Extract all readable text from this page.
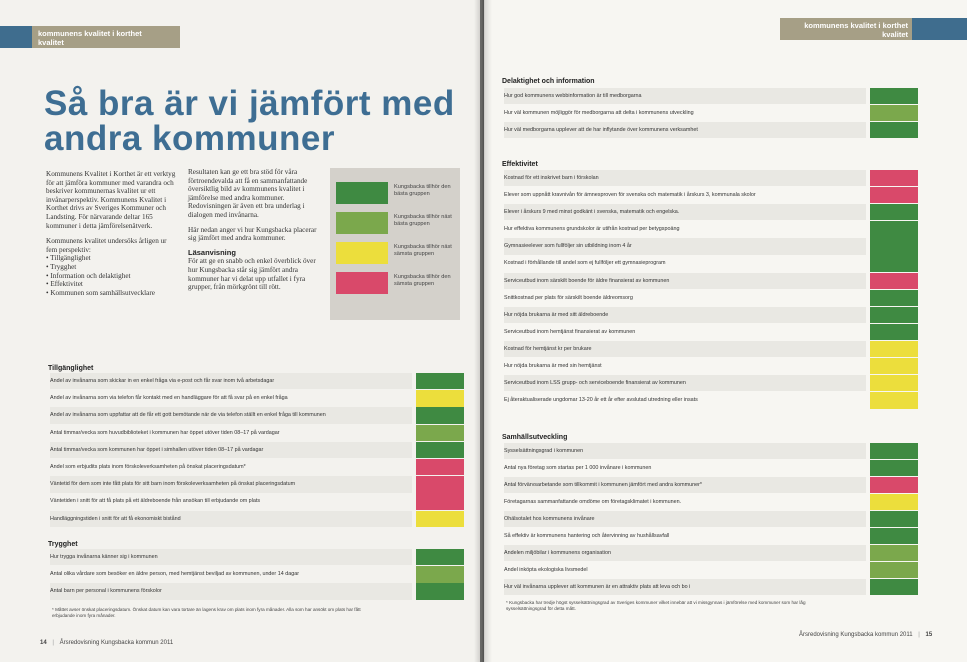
kommunens kvalitet i korthet
kvalitet
Så bra är vi jämfört med andra kommuner
Kommunens Kvalitet i Korthet är ett verktyg för att jämföra kommuner med varandra och beskriver kommunernas kvalitet ur ett invånarperspektiv. Kommunens Kvalitet i Korthet drivs av Sveriges Kommuner och Landsting. För närvarande deltar 165 kommuner i detta jämförelsenätverk.
Kommunens kvalitet undersöks årligen ur fem perspektiv:
• Tillgänglighet
• Trygghet
• Information och delaktighet
• Effektivitet
• Kommunen som samhällsutvecklare
Resultaten kan ge ett bra stöd för våra förtroendevalda att få en sammanfattande översiktlig bild av kommunens kvalitet i jämförelse med andra kommuner. Redovisningen är även ett bra underlag i dialogen med invånarna.
Här nedan anger vi hur Kungsbacka placerar sig jämfört med andra kommuner.
Läsanvisning
För att ge en snabb och enkel överblick över hur Kungsbacka står sig jämfört andra kommuner har vi delat upp utfallet i fyra grupper, från mörkgrönt till rött.
Kungsbacka tillhör den bästa gruppen
Kungsbacka tillhör näst bästa gruppen
Kungsbacka tillhör näst sämsta gruppen
Kungsbacka tillhör den sämsta gruppen
Tillgänglighet
Andel av invånarna som skickar in en enkel fråga via e-post och får svar inom två arbetsdagar
Andel av invånarna som via telefon får kontakt med en handläggare för att få svar på en enkel fråga
Andel av invånarna som uppfattar att de får ett gott bemötande när de via telefon ställt en enkel fråga till kommunen
Antal timmar/vecka som huvudbiblioteket i kommunen har öppet utöver tiden 08–17 på vardagar
Antal timmar/vecka som kommunen har öppet i simhallen utöver tiden 08–17 på vardagar
Andel som erbjudits plats inom förskoleverksamheten på önskat placeringsdatum*
Väntetid för dem som inte fått plats för sitt barn inom förskoleverksamheten på önskat placeringsdatum
Väntetiden i snitt för att få plats på ett äldreboende från ansökan till erbjudande om plats
Handläggningstiden i snitt för att få ekonomiskt bistånd
Trygghet
Hur trygga invånarna känner sig i kommunen
Antal olika vårdare som besöker en äldre person, med hemtjänst beviljad av kommunen, under 14 dagar
Antal barn per personal i kommunens förskolor
* Måttet avser önskat placeringsdatum. Önskat datum kan vara tortare än lagens krav om plats inom fyra månader. Alla som har ansökt om plats har fått erbjudande inom fyra månader.
14 | Årsredovisning Kungsbacka kommun 2011
kommunens kvalitet i korthet
kvalitet
Delaktighet och information
Hur god kommunens webbinformation är till medborgarna
Hur väl kommunen möjliggör för medborgarna att delta i kommunens utveckling
Hur väl medborgarna upplever att de har inflytande över kommunens verksamhet
Effektivitet
Kostnad för ett inskrivet barn i förskolan
Elever som uppnått kravnivån för ämnesproven för svenska och matematik i årskurs 3, kommunala skolor
Elever i årskurs 9 med minst godkänt i svenska, matematik och engelska.
Hur effektiva kommunens grundskolor är utifrån kostnad per betygspoäng
Gymnasieelever som fullföljer sin utbildning inom 4 år
Kostnad i förhållande till andel som ej fullföljer ett gymnasieprogram
Serviceutbud inom särskilt boende för äldre finansierat av kommunen
Snittkostnad per plats för särskilt boende äldreomsorg
Hur nöjda brukarna är med sitt äldreboende
Serviceutbud inom hemtjänst finansierat av kommunen
Kostnad för hemtjänst kr per brukare
Hur nöjda brukarna är med sin hemtjänst
Serviceutbud inom LSS grupp- och serviceboende finansierat av kommunen
Ej återaktualiserade ungdomar 13-20 år ett år efter avslutad utredning eller insats
Samhällsutveckling
Sysselsättningsgrad i kommunen
Antal nya företag som startas per 1 000 invånare i kommunen
Antal förvärvsarbetande som tillkommit i kommunen jämfört med andra kommuner*
Företagarnas sammanfattande omdöme om företagsklimatet i kommunen.
Ohälsotalet hos kommunens invånare
Så effektiv är kommunens hantering och återvinning av hushållsavfall
Andelen miljöbilar i kommunens organisation
Andel inköpta ekologiska livsmedel
Hur väl invånarna upplever att kommunen är en attraktiv plats att leva och bo i
* Kungsbacka har tredje högst sysselsättningsgrad av Sveriges kommuner vilket innebär att vi missgynnas i jämförelse med kommuner som har låg sysselsättningsgrad för detta mått.
Årsredovisning Kungsbacka kommun 2011 | 15
